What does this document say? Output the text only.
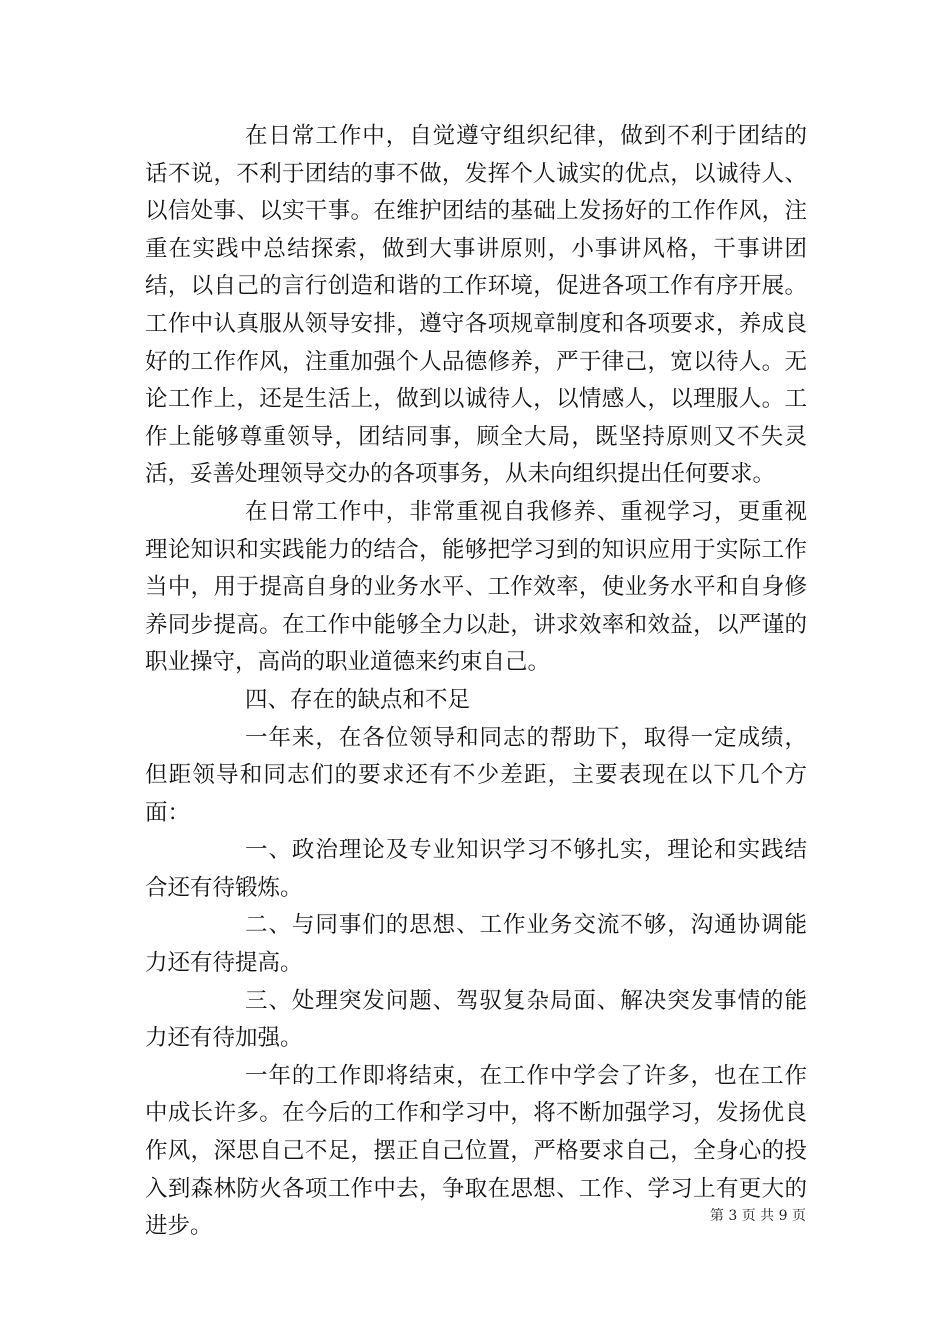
在日常工作中，自觉遵守组织纪律，做到不利于团结的话不说，不利于团结的事不做，发挥个人诚实的优点，以诚待人、以信处事、以实干事。在维护团结的基础上发扬好的工作作风，注重在实践中总结探索，做到大事讲原则，小事讲风格，干事讲团结，以自己的言行创造和谐的工作环境，促进各项工作有序开展。工作中认真服从领导安排，遵守各项规章制度和各项要求，养成良好的工作作风，注重加强个人品德修养，严于律己，宽以待人。无论工作上，还是生活上，做到以诚待人，以情感人，以理服人。工作上能够尊重领导，团结同事，顾全大局，既坚持原则又不失灵活，妥善处理领导交办的各项事务，从未向组织提出任何要求。

在日常工作中，非常重视自我修养、重视学习，更重视理论知识和实践能力的结合，能够把学习到的知识应用于实际工作当中，用于提高自身的业务水平、工作效率，使业务水平和自身修养同步提高。在工作中能够全力以赴，讲求效率和效益，以严谨的职业操守，高尚的职业道德来约束自己。

四、存在的缺点和不足

一年来，在各位领导和同志的帮助下，取得一定成绩，但距领导和同志们的要求还有不少差距，主要表现在以下几个方面：

一、政治理论及专业知识学习不够扎实，理论和实践结合还有待锻炼。

二、与同事们的思想、工作业务交流不够，沟通协调能力还有待提高。

三、处理突发问题、驾驭复杂局面、解决突发事情的能力还有待加强。

一年的工作即将结束，在工作中学会了许多，也在工作中成长许多。在今后的工作和学习中，将不断加强学习，发扬优良作风，深思自己不足，摆正自己位置，严格要求自己，全身心的投入到森林防火各项工作中去，争取在思想、工作、学习上有更大的进步。	第 3 页 共 9 页
